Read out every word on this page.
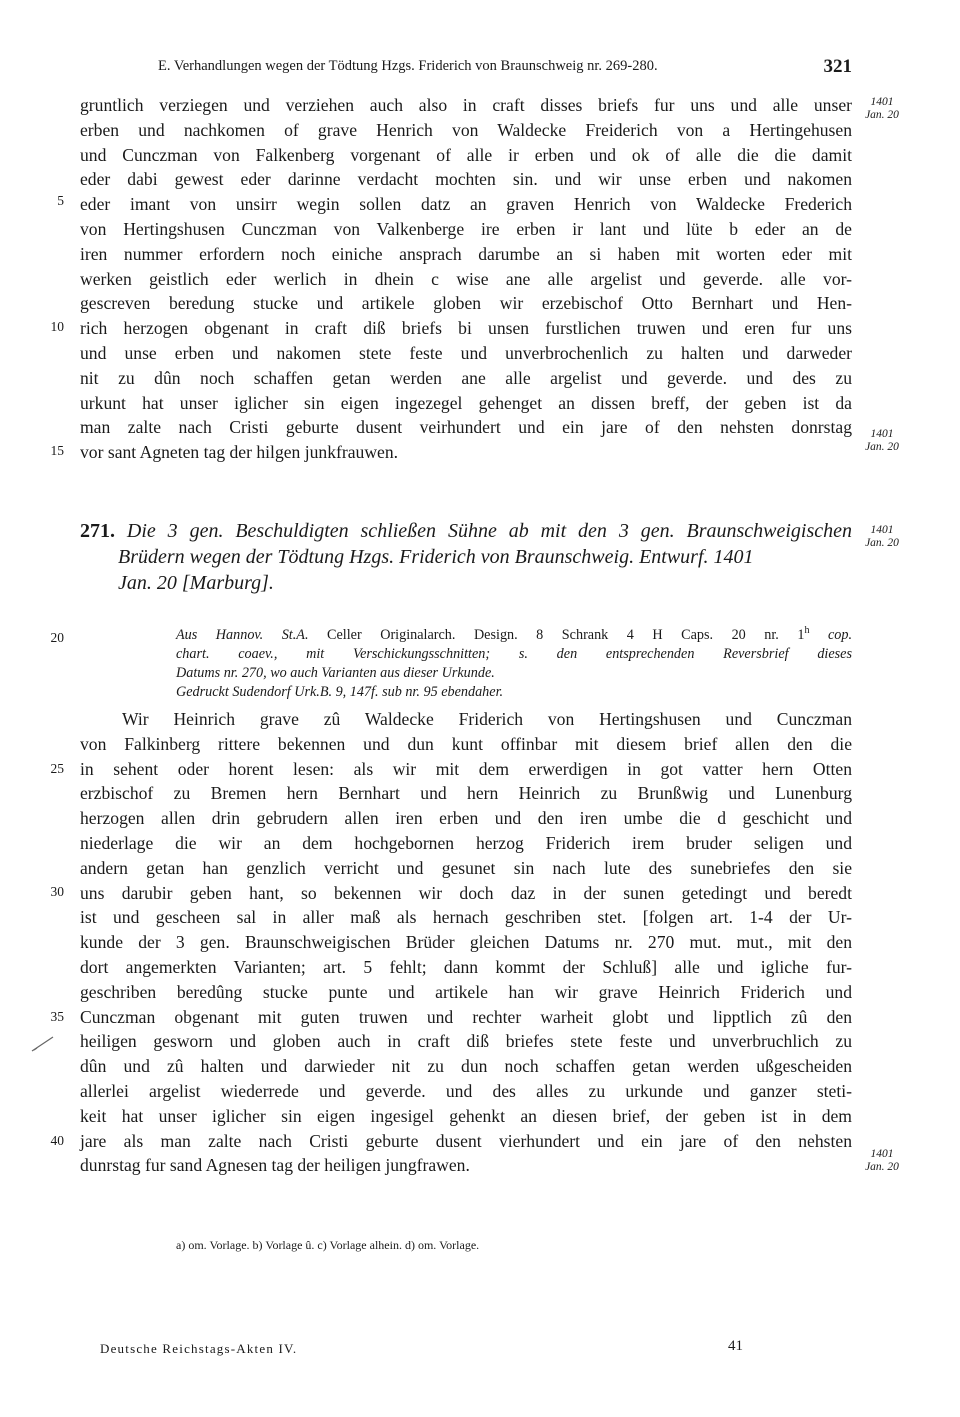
E. Verhandlungen wegen der Tödtung Hzgs. Friderich von Braunschweig nr. 269-280.	321
gruntlich verziegen und verziehen auch also in craft disses briefs fur uns und alle unser
erben und nachkomen of grave Henrich von Waldecke Freiderich von a Hertingehusen
und Cunczman von Falkenberg vorgenant of alle ir erben und ok of alle die die damit
eder dabi gewest eder darinne verdacht mochten sin. und wir unse erben und nakomen
eder imant von unsirr wegin sollen datz an graven Henrich von Waldecke Frederich
von Hertingshusen Cunczman von Valkenberge ire erben ir lant und lüte b eder an de
iren nummer erfordern noch einiche ansprach darumbe an si haben mit worten eder mit
werken geistlich eder werlich in dhein c wise ane alle argelist und geverde. alle vor-
gescreven beredung stucke und artikele globen wir erzebischof Otto Bernhart und Hen-
rich herzogen obgenant in craft diß briefs bi unsen furstlichen truwen und eren fur uns
und unse erben und nakomen stete feste und unverbrochenlich zu halten und darweder
nit zu dûn noch schaffen getan werden ane alle argelist und geverde. und des zu
urkunt hat unser iglicher sin eigen ingezegel gehenget an dissen breff, der geben ist da
man zalte nach Cristi geburte dusent veirhundert und ein jare of den nehsten donrstag
vor sant Agneten tag der hilgen junkfrauwen.
5
10
15
1401
Jan. 20
1401
Jan. 20
1401
Jan. 20
1401
Jan. 20
271. Die 3 gen. Beschuldigten schließen Sühne ab mit den 3 gen. Braunschweigischen
Brüdern wegen der Tödtung Hzgs. Friderich von Braunschweig. Entwurf. 1401
Jan. 20 [Marburg].
Aus Hannov. St.A. Celler Originalarch. Design. 8 Schrank 4 H Caps. 20 nr. 1$^h$ cop.
chart. coaev., mit Verschickungsschnitten; s. den entsprechenden Reversbrief dieses
Datums nr. 270, wo auch Varianten aus dieser Urkunde.
Gedruckt Sudendorf Urk.B. 9, 147f. sub nr. 95 ebendaher.
20
Wir Heinrich grave zû Waldecke Friderich von Hertingshusen und Cunczman
von Falkinberg rittere bekennen und dun kunt offinbar mit diesem brief allen den die
in sehent oder horent lesen: als wir mit dem erwerdigen in got vatter hern Otten
erzbischof zu Bremen hern Bernhart und hern Heinrich zu Brunßwig und Lunenburg
herzogen allen drin gebrudern allen iren erben und den iren umbe die d geschicht und
niederlage die wir an dem hochgebornen herzog Friderich irem bruder seligen und
andern getan han genzlich verricht und gesunet sin nach lute des sunebriefes den sie
uns darubir geben hant, so bekennen wir doch daz in der sunen getedingt und beredt
ist und gescheen sal in aller maß als hernach geschriben stet. [folgen art. 1-4 der Ur-
kunde der 3 gen. Braunschweigischen Brüder gleichen Datums nr. 270 mut. mut., mit den
dort angemerkten Varianten; art. 5 fehlt; dann kommt der Schluß] alle und igliche fur-
geschriben beredûng stucke punte und artikele han wir grave Heinrich Friderich und
Cunczman obgenant mit guten truwen und rechter warheit globt und lipptlich zû den
heiligen gesworn und globen auch in craft diß briefes stete feste und unverbruchlich zu
dûn und zû halten und darwieder nit zu dun noch schaffen getan werden ußgescheiden
allerlei argelist wiederrede und geverde. und des alles zu urkunde und ganzer steti-
keit hat unser iglicher sin eigen ingesigel gehenkt an diesen brief, der geben ist in dem
jare als man zalte nach Cristi geburte dusent vierhundert und ein jare of den nehsten
dunrstag fur sand Agnesen tag der heiligen jungfrawen.
25
30
35
40
a) om. Vorlage. b) Vorlage û. c) Vorlage alhein. d) om. Vorlage.
Deutsche Reichstags-Akten IV.	41
